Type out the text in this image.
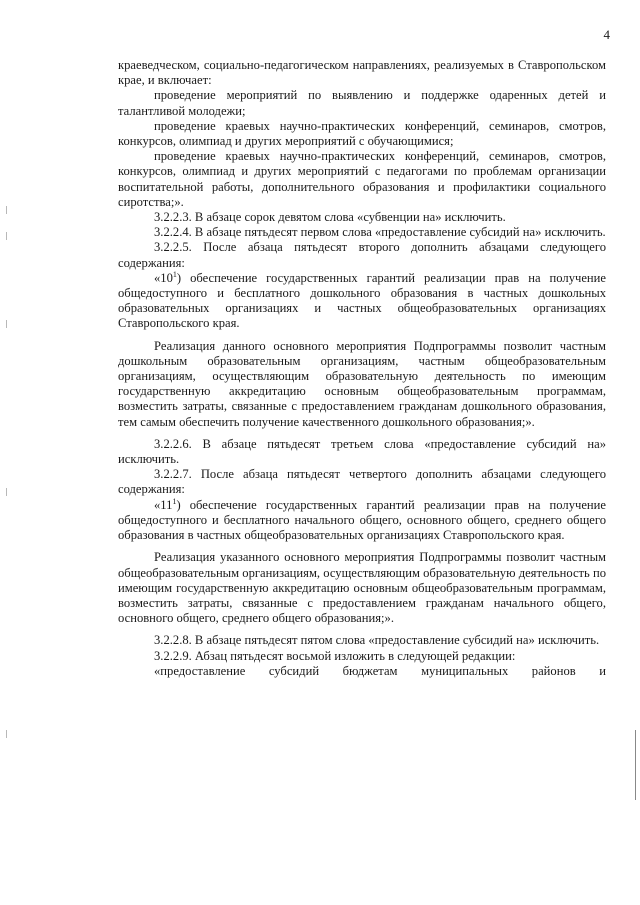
4

краеведческом, социально-педагогическом направлениях, реализуемых в Ставропольском крае, и включает:

проведение мероприятий по выявлению и поддержке одаренных детей и талантливой молодежи;

проведение краевых научно-практических конференций, семинаров, смотров, конкурсов, олимпиад и других мероприятий с обучающимися;

проведение краевых научно-практических конференций, семинаров, смотров, конкурсов, олимпиад и других мероприятий с педагогами по проблемам организации воспитательной работы, дополнительного образования и профилактики социального сиротства;».

3.2.2.3. В абзаце сорок девятом слова «субвенции на» исключить.

3.2.2.4. В абзаце пятьдесят первом слова «предоставление субсидий на» исключить.

3.2.2.5. После абзаца пятьдесят второго дополнить абзацами следующего содержания:

«$10^1$) обеспечение государственных гарантий реализации прав на получение общедоступного и бесплатного дошкольного образования в частных дошкольных образовательных организациях и частных общеобразовательных организациях Ставропольского края.

Реализация данного основного мероприятия Подпрограммы позволит частным дошкольным образовательным организациям, частным общеобразовательным организациям, осуществляющим образовательную деятельность по имеющим государственную аккредитацию основным общеобразовательным программам, возместить затраты, связанные с предоставлением гражданам дошкольного образования, тем самым обеспечить получение качественного дошкольного образования;».

3.2.2.6. В абзаце пятьдесят третьем слова «предоставление субсидий на» исключить.

3.2.2.7. После абзаца пятьдесят четвертого дополнить абзацами следующего содержания:

«$11^1$) обеспечение государственных гарантий реализации прав на получение общедоступного и бесплатного начального общего, основного общего, среднего общего образования в частных общеобразовательных организациях Ставропольского края.

Реализация указанного основного мероприятия Подпрограммы позволит частным общеобразовательным организациям, осуществляющим образовательную деятельность по имеющим государственную аккредитацию основным общеобразовательным программам, возместить затраты, связанные с предоставлением гражданам начального общего, основного общего, среднего общего образования;».

3.2.2.8. В абзаце пятьдесят пятом слова «предоставление субсидий на» исключить.

3.2.2.9. Абзац пятьдесят восьмой изложить в следующей редакции:

«предоставление субсидий бюджетам муниципальных районов и
